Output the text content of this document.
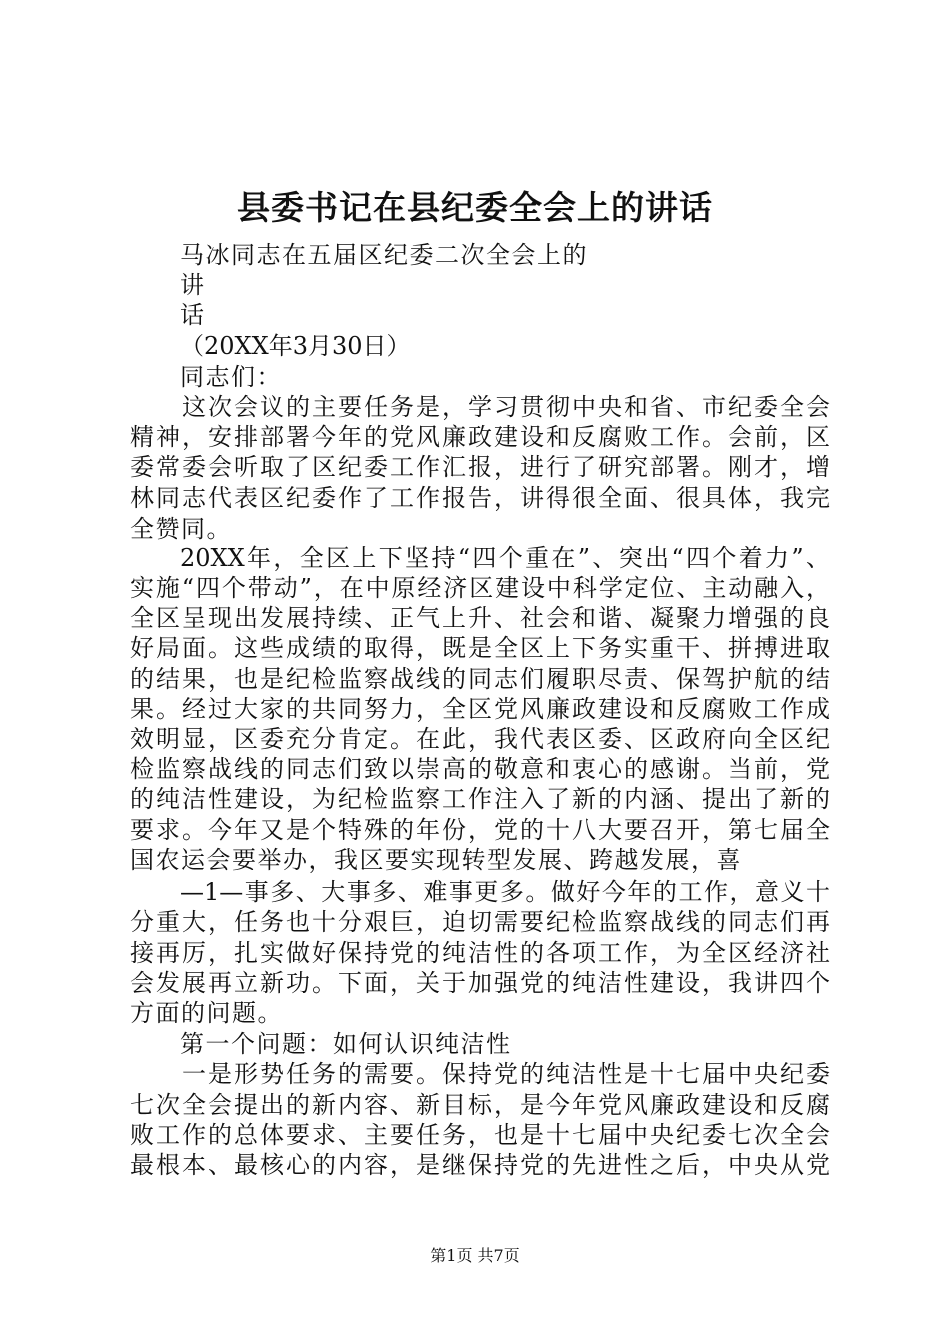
县委书记在县纪委全会上的讲话
马冰同志在五届区纪委二次全会上的
讲
话
（20XX年3月30日）
同志们：
这次会议的主要任务是，学习贯彻中央和省、市纪委全会
精神，安排部署今年的党风廉政建设和反腐败工作。会前，区
委常委会听取了区纪委工作汇报，进行了研究部署。刚才，增
林同志代表区纪委作了工作报告，讲得很全面、很具体，我完
全赞同。
20XX年，全区上下坚持“四个重在”、突出“四个着力”、
实施“四个带动”，在中原经济区建设中科学定位、主动融入，
全区呈现出发展持续、正气上升、社会和谐、凝聚力增强的良
好局面。这些成绩的取得，既是全区上下务实重干、拼搏进取
的结果，也是纪检监察战线的同志们履职尽责、保驾护航的结
果。经过大家的共同努力，全区党风廉政建设和反腐败工作成
效明显，区委充分肯定。在此，我代表区委、区政府向全区纪
检监察战线的同志们致以崇高的敬意和衷心的感谢。当前，党
的纯洁性建设，为纪检监察工作注入了新的内涵、提出了新的
要求。今年又是个特殊的年份，党的十八大要召开，第七届全
国农运会要举办，我区要实现转型发展、跨越发展，喜
—1—事多、大事多、难事更多。做好今年的工作，意义十
分重大，任务也十分艰巨，迫切需要纪检监察战线的同志们再
接再厉，扎实做好保持党的纯洁性的各项工作，为全区经济社
会发展再立新功。下面，关于加强党的纯洁性建设，我讲四个
方面的问题。
第一个问题：如何认识纯洁性
一是形势任务的需要。保持党的纯洁性是十七届中央纪委
七次全会提出的新内容、新目标，是今年党风廉政建设和反腐
败工作的总体要求、主要任务，也是十七届中央纪委七次全会
最根本、最核心的内容，是继保持党的先进性之后，中央从党
第1页 共7页
